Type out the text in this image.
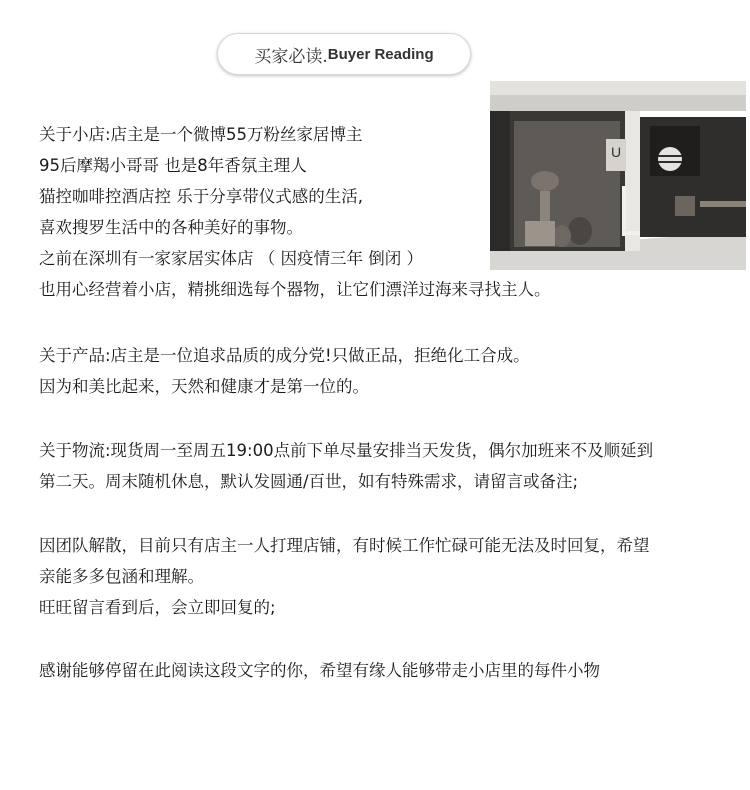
买家必读. Buyer Reading
U
关于小店:店主是一个微博55万粉丝家居博主
95后摩羯小哥哥 也是8年香氛主理人
猫控咖啡控酒店控 乐于分享带仪式感的生活,
喜欢搜罗生活中的各种美好的事物。
之前在深圳有一家家居实体店 （ 因疫情三年 倒闭 ）
也用心经营着小店，精挑细选每个器物，让它们漂洋过海来寻找主人。
关于产品:店主是一位追求品质的成分党!只做正品，拒绝化工合成。
因为和美比起来，天然和健康才是第一位的。
关于物流:现货周一至周五19:00点前下单尽量安排当天发货，偶尔加班来不及顺延到
第二天。周末随机休息，默认发圆通/百世，如有特殊需求，请留言或备注;
因团队解散，目前只有店主一人打理店铺，有时候工作忙碌可能无法及时回复，希望
亲能多多包涵和理解。
旺旺留言看到后，会立即回复的;
感谢能够停留在此阅读这段文字的你，希望有缘人能够带走小店里的每件小物
